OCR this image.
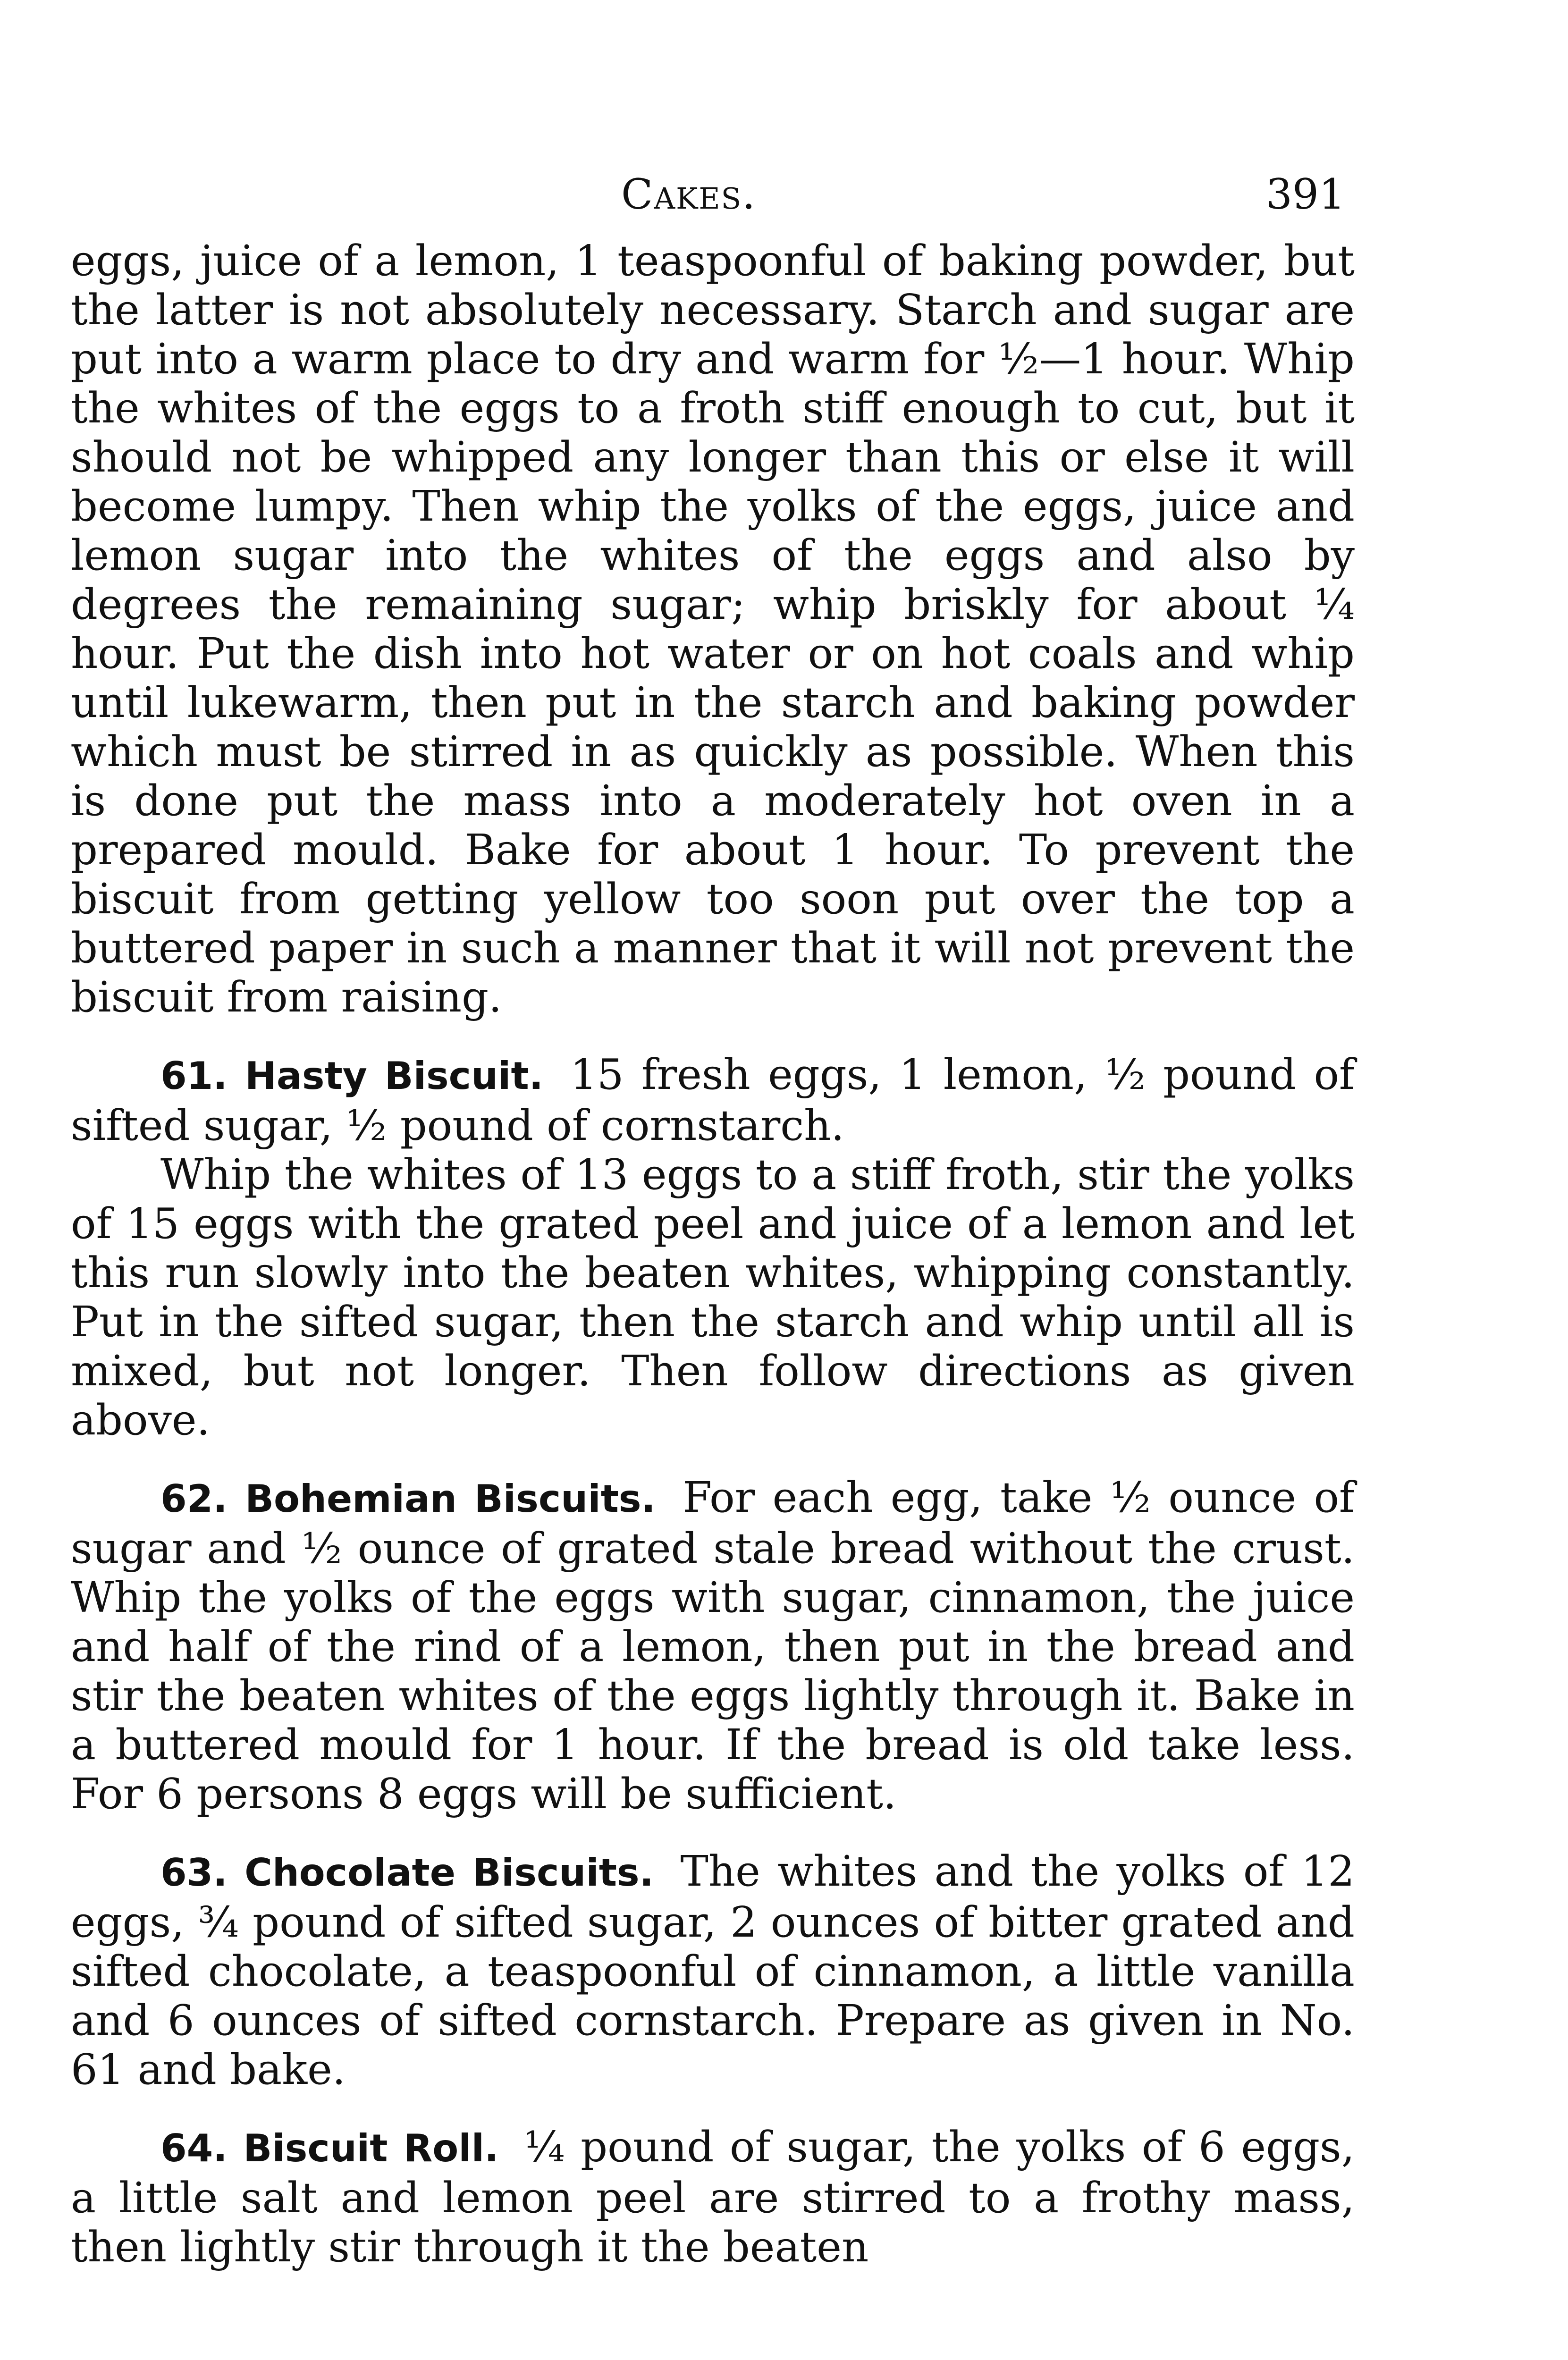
Cakes.	391

eggs, juice of a lemon, 1 teaspoonful of baking powder, but the latter is not absolutely necessary. Starch and sugar are put into a warm place to dry and warm for ½—1 hour. Whip the whites of the eggs to a froth stiff enough to cut, but it should not be whipped any longer than this or else it will become lumpy. Then whip the yolks of the eggs, juice and lemon sugar into the whites of the eggs and also by degrees the remaining sugar; whip briskly for about ¼ hour. Put the dish into hot water or on hot coals and whip until lukewarm, then put in the starch and baking powder which must be stirred in as quickly as possible. When this is done put the mass into a moderately hot oven in a prepared mould. Bake for about 1 hour. To prevent the biscuit from getting yellow too soon put over the top a buttered paper in such a manner that it will not prevent the biscuit from raising.

61. Hasty Biscuit. 15 fresh eggs, 1 lemon, ½ pound of sifted sugar, ½ pound of cornstarch.

Whip the whites of 13 eggs to a stiff froth, stir the yolks of 15 eggs with the grated peel and juice of a lemon and let this run slowly into the beaten whites, whipping constantly. Put in the sifted sugar, then the starch and whip until all is mixed, but not longer. Then follow directions as given above.

62. Bohemian Biscuits. For each egg, take ½ ounce of sugar and ½ ounce of grated stale bread without the crust. Whip the yolks of the eggs with sugar, cinnamon, the juice and half of the rind of a lemon, then put in the bread and stir the beaten whites of the eggs lightly through it. Bake in a buttered mould for 1 hour. If the bread is old take less. For 6 persons 8 eggs will be sufficient.

63. Chocolate Biscuits. The whites and the yolks of 12 eggs, ¾ pound of sifted sugar, 2 ounces of bitter grated and sifted chocolate, a teaspoonful of cinnamon, a little vanilla and 6 ounces of sifted cornstarch. Prepare as given in No. 61 and bake.

64. Biscuit Roll. ¼ pound of sugar, the yolks of 6 eggs, a little salt and lemon peel are stirred to a frothy mass, then lightly stir through it the beaten
